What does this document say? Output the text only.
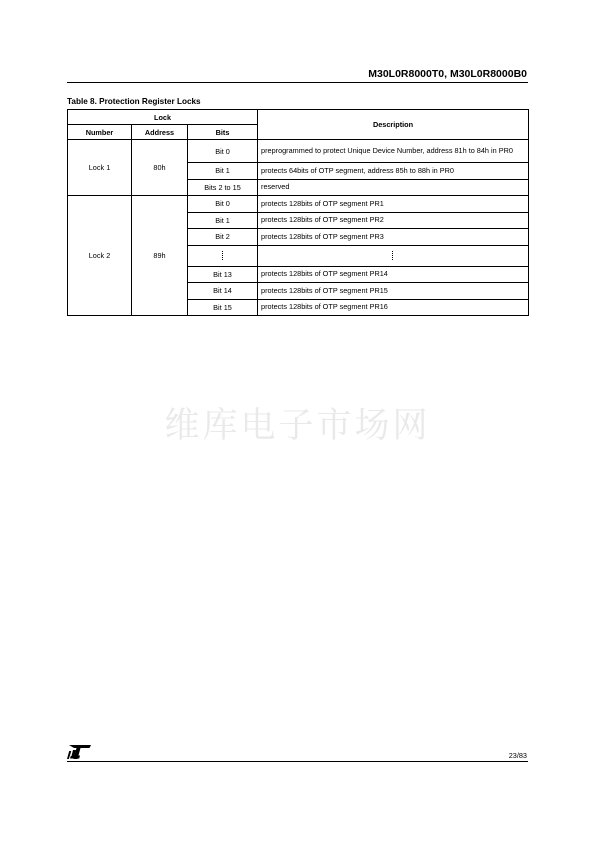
M30L0R8000T0, M30L0R8000B0
Table 8. Protection Register Locks
Lock			Description
Number	Address	Bits	
Lock 1	80h	Bit 0	preprogrammed to protect Unique Device Number, address 81h to 84h in PR0
		Bit 1	protects 64bits of OTP segment, address 85h to 88h in PR0
		Bits 2 to 15	reserved
Lock 2	89h	Bit 0	protects 128bits of OTP segment PR1
		Bit 1	protects 128bits of OTP segment PR2
		Bit 2	protects 128bits of OTP segment PR3

		Bit 13	protects 128bits of OTP segment PR14
		Bit 14	protects 128bits of OTP segment PR15
		Bit 15	protects 128bits of OTP segment PR16
维库电子市场网
23/83
